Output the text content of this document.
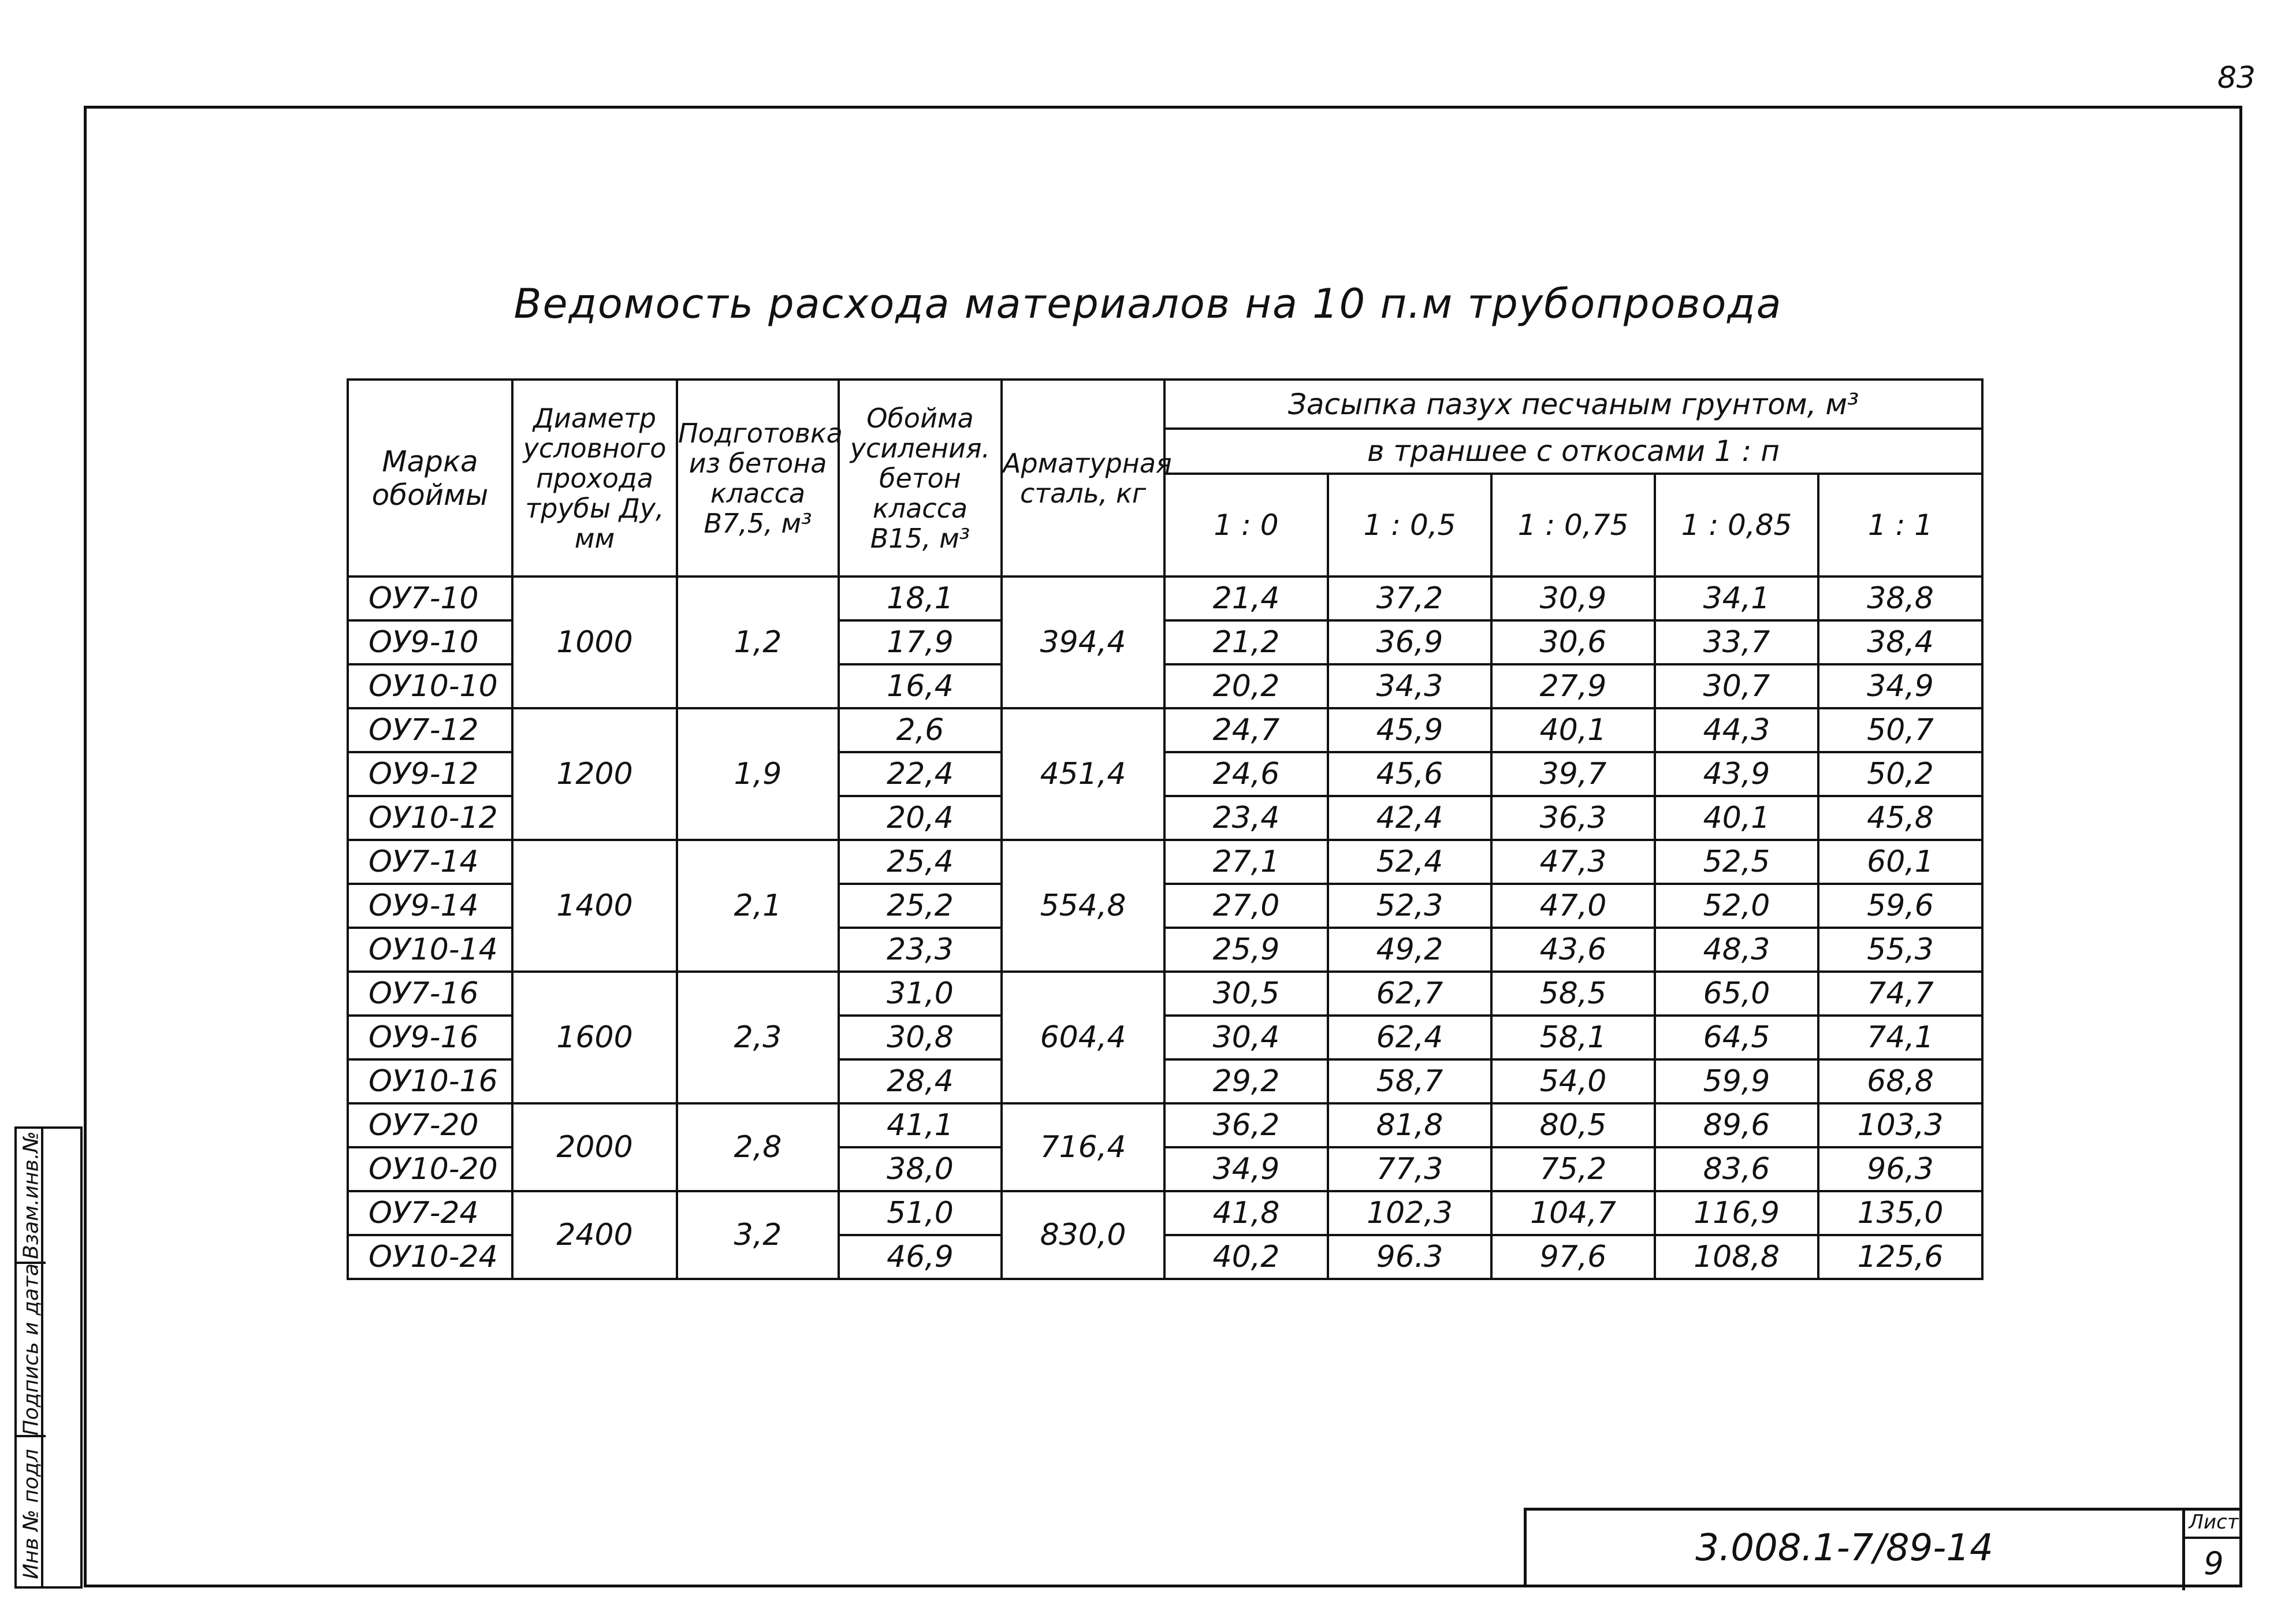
83
Ведомость расхода материалов на 10 п.м трубопровода
Марка обоймы	Диаметр условного прохода трубы Ду, мм	Подготовка из бетона класса В7,5, м³	Обойма усиления. бетон класса В15, м³	Арматурная сталь, кг	Засыпка пазух песчаным грунтом, м³				
					в траншее с откосами 1 : п				
					1 : 0	1 : 0,5	1 : 0,75	1 : 0,85	1 : 1
ОУ7-10	1000	1,2	18,1	394,4	21,4	37,2	30,9	34,1	38,8
ОУ9-10			17,9		21,2	36,9	30,6	33,7	38,4
ОУ10-10			16,4		20,2	34,3	27,9	30,7	34,9
ОУ7-12	1200	1,9	2,6	451,4	24,7	45,9	40,1	44,3	50,7
ОУ9-12			22,4		24,6	45,6	39,7	43,9	50,2
ОУ10-12			20,4		23,4	42,4	36,3	40,1	45,8
ОУ7-14	1400	2,1	25,4	554,8	27,1	52,4	47,3	52,5	60,1
ОУ9-14			25,2		27,0	52,3	47,0	52,0	59,6
ОУ10-14			23,3		25,9	49,2	43,6	48,3	55,3
ОУ7-16	1600	2,3	31,0	604,4	30,5	62,7	58,5	65,0	74,7
ОУ9-16			30,8		30,4	62,4	58,1	64,5	74,1
ОУ10-16			28,4		29,2	58,7	54,0	59,9	68,8
ОУ7-20	2000	2,8	41,1	716,4	36,2	81,8	80,5	89,6	103,3
ОУ10-20			38,0		34,9	77,3	75,2	83,6	96,3
ОУ7-24	2400	3,2	51,0	830,0	41,8	102,3	104,7	116,9	135,0
ОУ10-24			46,9		40,2	96.3	97,6	108,8	125,6
Взам.инв.№
Подпись и дата
Инв № подл	3.008.1-7/89-14
Лист
9
